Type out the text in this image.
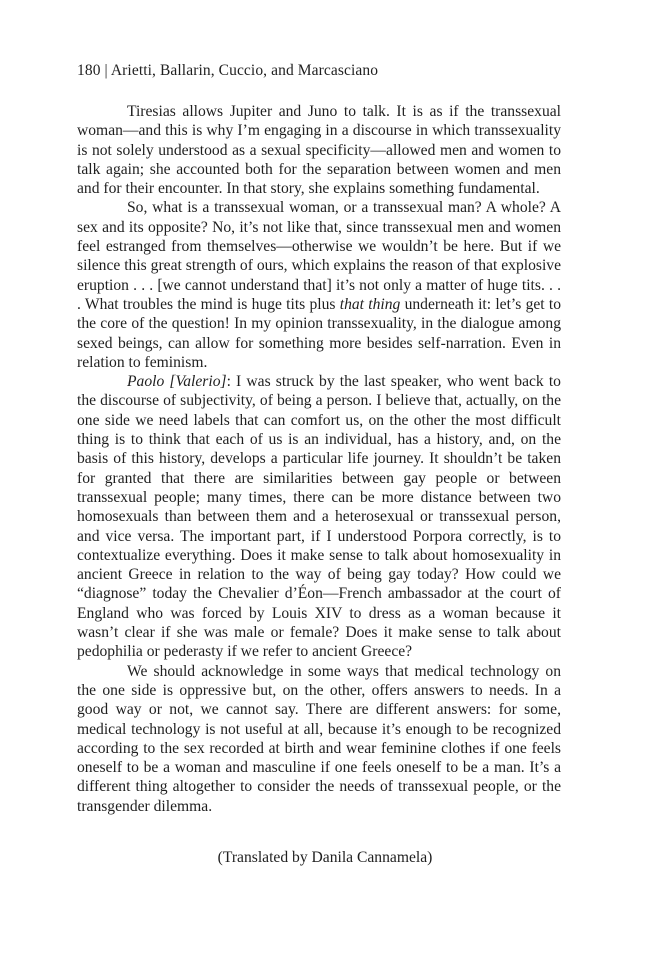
180 | Arietti, Ballarin, Cuccio, and Marcasciano

Tiresias allows Jupiter and Juno to talk. It is as if the transsexual woman—and this is why I’m engaging in a discourse in which transsexuality is not solely understood as a sexual specificity—allowed men and women to talk again; she accounted both for the separation between women and men and for their encounter. In that story, she explains something fundamental.

So, what is a transsexual woman, or a transsexual man? A whole? A sex and its opposite? No, it’s not like that, since transsexual men and women feel estranged from themselves—otherwise we wouldn’t be here. But if we silence this great strength of ours, which explains the reason of that explosive eruption . . . [we cannot understand that] it’s not only a matter of huge tits. . . . What troubles the mind is huge tits plus that thing underneath it: let’s get to the core of the question! In my opinion transsexuality, in the dialogue among sexed beings, can allow for something more besides self-narration. Even in relation to feminism.

Paolo [Valerio]: I was struck by the last speaker, who went back to the discourse of subjectivity, of being a person. I believe that, actually, on the one side we need labels that can comfort us, on the other the most difficult thing is to think that each of us is an individual, has a history, and, on the basis of this history, develops a particular life journey. It shouldn’t be taken for granted that there are similarities between gay people or between transsexual people; many times, there can be more distance between two homosexuals than between them and a heterosexual or transsexual person, and vice versa. The important part, if I understood Porpora correctly, is to contextualize everything. Does it make sense to talk about homosexuality in ancient Greece in relation to the way of being gay today? How could we “diagnose” today the Chevalier d’Éon—French ambassador at the court of England who was forced by Louis XIV to dress as a woman because it wasn’t clear if she was male or female? Does it make sense to talk about pedophilia or pederasty if we refer to ancient Greece?

We should acknowledge in some ways that medical technology on the one side is oppressive but, on the other, offers answers to needs. In a good way or not, we cannot say. There are different answers: for some, medical technology is not useful at all, because it’s enough to be recognized according to the sex recorded at birth and wear feminine clothes if one feels oneself to be a woman and masculine if one feels oneself to be a man. It’s a different thing altogether to consider the needs of transsexual people, or the transgender dilemma.

(Translated by Danila Cannamela)
